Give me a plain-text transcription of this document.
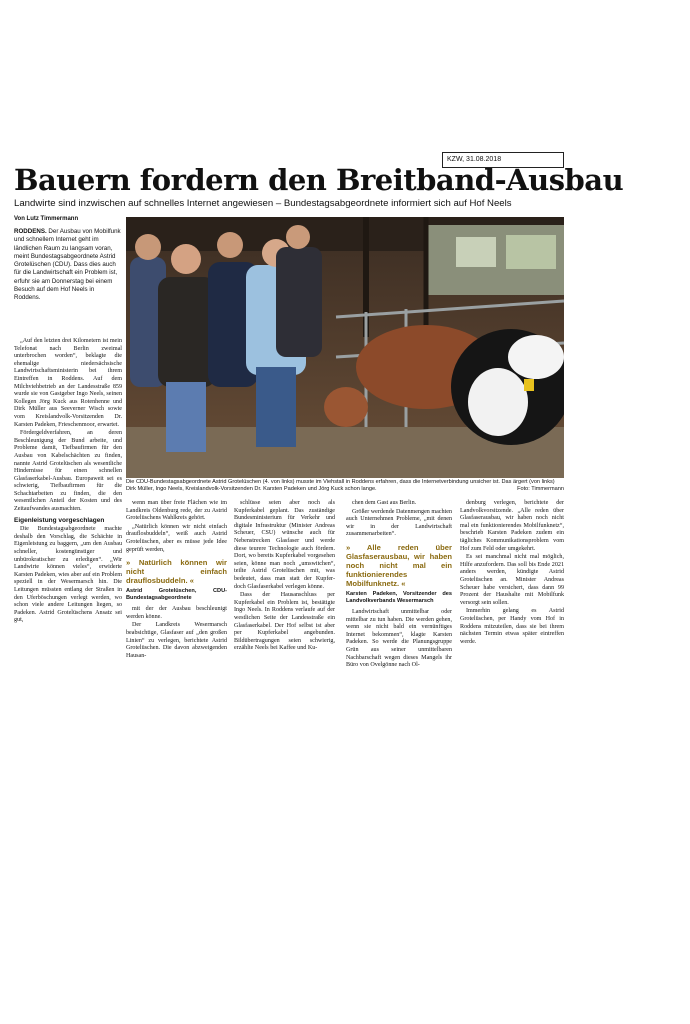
KZW, 31.08.2018
Bauern fordern den Breitband-Ausbau
Landwirte sind inzwischen auf schnelles Internet angewiesen – Bundestagsabgeordnete informiert sich auf Hof Neels
Von Lutz Timmermann
RODDENS. Der Ausbau von Mobilfunk und schnellem Internet geht im ländlichen Raum zu langsam voran, meint Bundestagsabgeordnete Astrid Grotelüschen (CDU). Dass dies auch für die Landwirtschaft ein Problem ist, erfuhr sie am Donnerstag bei einem Besuch auf dem Hof Neels in Roddens.

„Auf den letzten drei Kilometern ist mein Telefonat nach Berlin zweimal unterbrochen worden“, beklagte die ehemalige niedersächsische Landwirtschaftsministerin bei ihrem Eintreffen in Roddens. Auf dem Milchviehbetrieb an der Landesstraße 859 wurde sie von Gastgeber Ingo Neels, seinen Kollegen Jörg Kuck aus Rotenhenne und Dirk Müller aus Seeverner Wisch sowie vom Kreislandvolk-Vorsitzenden Dr. Karsten Padeken, Frieschenmoor, erwartet.

Fördergeldverfahren, an deren Beschleunigung der Bund arbeite, und Probleme damit, Tiefbaufirmen für den Ausbau von Kabelschächten zu finden, nannte Astrid Grotelüschen als wesentliche Hindernisse für einen schnellen Glasfaserkabel-Ausbau. Europaweit sei es schwierig, Tiefbaufirmen für die Schachtarbeiten zu finden, die den wesentlichen Anteil der Kosten und des Zeitaufwandes ausmachten.

Eigenleistung vorgeschlagen

Die Bundestagsabgeordnete machte deshalb den Vorschlag, die Schächte in Eigenleistung zu baggern, „um den Ausbau schneller, kostengünstiger und unbürokratischer zu erledigen“. „Wir Landwirte können vieles“, erwiderte Karsten Padeken, wies aber auf ein Problem speziell in der Wesermarsch hin. Die Leitungen müssten entlang der Straßen in den Uferböschungen verlegt werden, wo schon viele andere Leitungen liegen, so Padeken. Astrid Grotelüschens Ansatz sei gut,

Die CDU-Bundestagsabgeordnete Astrid Grotelüschen (4. von links) musste im Viehstall in Roddens erfahren, dass die Internetverbindung unsicher ist. Das ärgert (von links) Dirk Müller, Ingo Neels, Kreislandvolk-Vorsitzenden Dr. Karsten Padeken und Jörg Kuck schon lange.	Foto: Timmermann

wenn man über freie Flächen wie im Landkreis Oldenburg rede, der zu Astrid Grotelüschens Wahlkreis gehört.

„Natürlich können wir nicht einfach drauflosbuddeln“, weiß auch Astrid Grotelüschen, aber es müsse jede Idee geprüft werden,

» Natürlich können wir nicht einfach drauflosbuddeln. «
Astrid Grotelüschen, CDU-Bundestagsabgeordnete

mit der der Ausbau beschleunigt werden könne.

Der Landkreis Wesermarsch beabsichtige, Glasfaser auf „den großen Linien“ zu verlegen, berichtete Astrid Grotelüschen. Die davon abzweigenden Hausan-

schlüsse seien aber noch als Kupferkabel geplant. Das zuständige Bundesministerium für Verkehr und digitale Infrastruktur (Minister Andreas Scheuer, CSU) wünsche auch für Nebenstrecken Glasfaser und werde diese teurere Technologie auch fördern. Dort, wo bereits Kupferkabel vorgesehen seien, könne man noch „umswitchen“, teilte Astrid Grotelüschen mit, was bedeutet, dass man statt der Kupfer- doch Glasfaserkabel verlegen könne.

Dass der Hausanschluss per Kupferkabel ein Problem ist, bestätigte Ingo Neels. In Roddens verlaufe auf der westlichen Seite der Landesstraße ein Glasfaserkabel. Der Hof selbst ist aber per Kupferkabel angebunden. Bildübertragungen seien schwierig, erzählte Neels bei Kaffee und Ku-

chen dem Gast aus Berlin.

Größer werdende Datenmengen machten auch Unternehmen Probleme, „mit denen wir in der Landwirtschaft zusammenarbeiten“.

» Alle reden über Glasfaserausbau, wir haben noch nicht mal ein funktionierendes Mobilfunknetz. «
Karsten Padeken, Vorsitzender des Landvolkverbands Wesermarsch

Landwirtschaft unmittelbar oder mittelbar zu tun haben. Die werden gehen, wenn sie nicht bald ein vernünftiges Internet bekommen“, klagte Karsten Padeken. So werde die Planungsgruppe Grün aus seiner unmittelbaren Nachbarschaft wegen dieses Mangels ihr Büro von Ovelgönne nach Ol-

denburg verlegen, berichtete der Landvolkvorsitzende. „Alle reden über Glasfaserausbau, wir haben noch nicht mal ein funktionierendes Mobilfunknetz“, beschrieb Karsten Padeken zudem ein tägliches Kommunikationsproblem vom Hof zum Feld oder umgekehrt.

Es sei manchmal nicht mal möglich, Hilfe anzufordern. Das soll bis Ende 2021 anders werden, kündigte Astrid Grotelüschen an. Minister Andreas Scheuer habe versichert, dass dann 99 Prozent der Haushalte mit Mobilfunk versorgt sein sollen.

Immerhin gelang es Astrid Grotelüschen, per Handy vom Hof in Roddens mitzuteilen, dass sie bei ihrem nächsten Termin etwas später eintreffen werde.
